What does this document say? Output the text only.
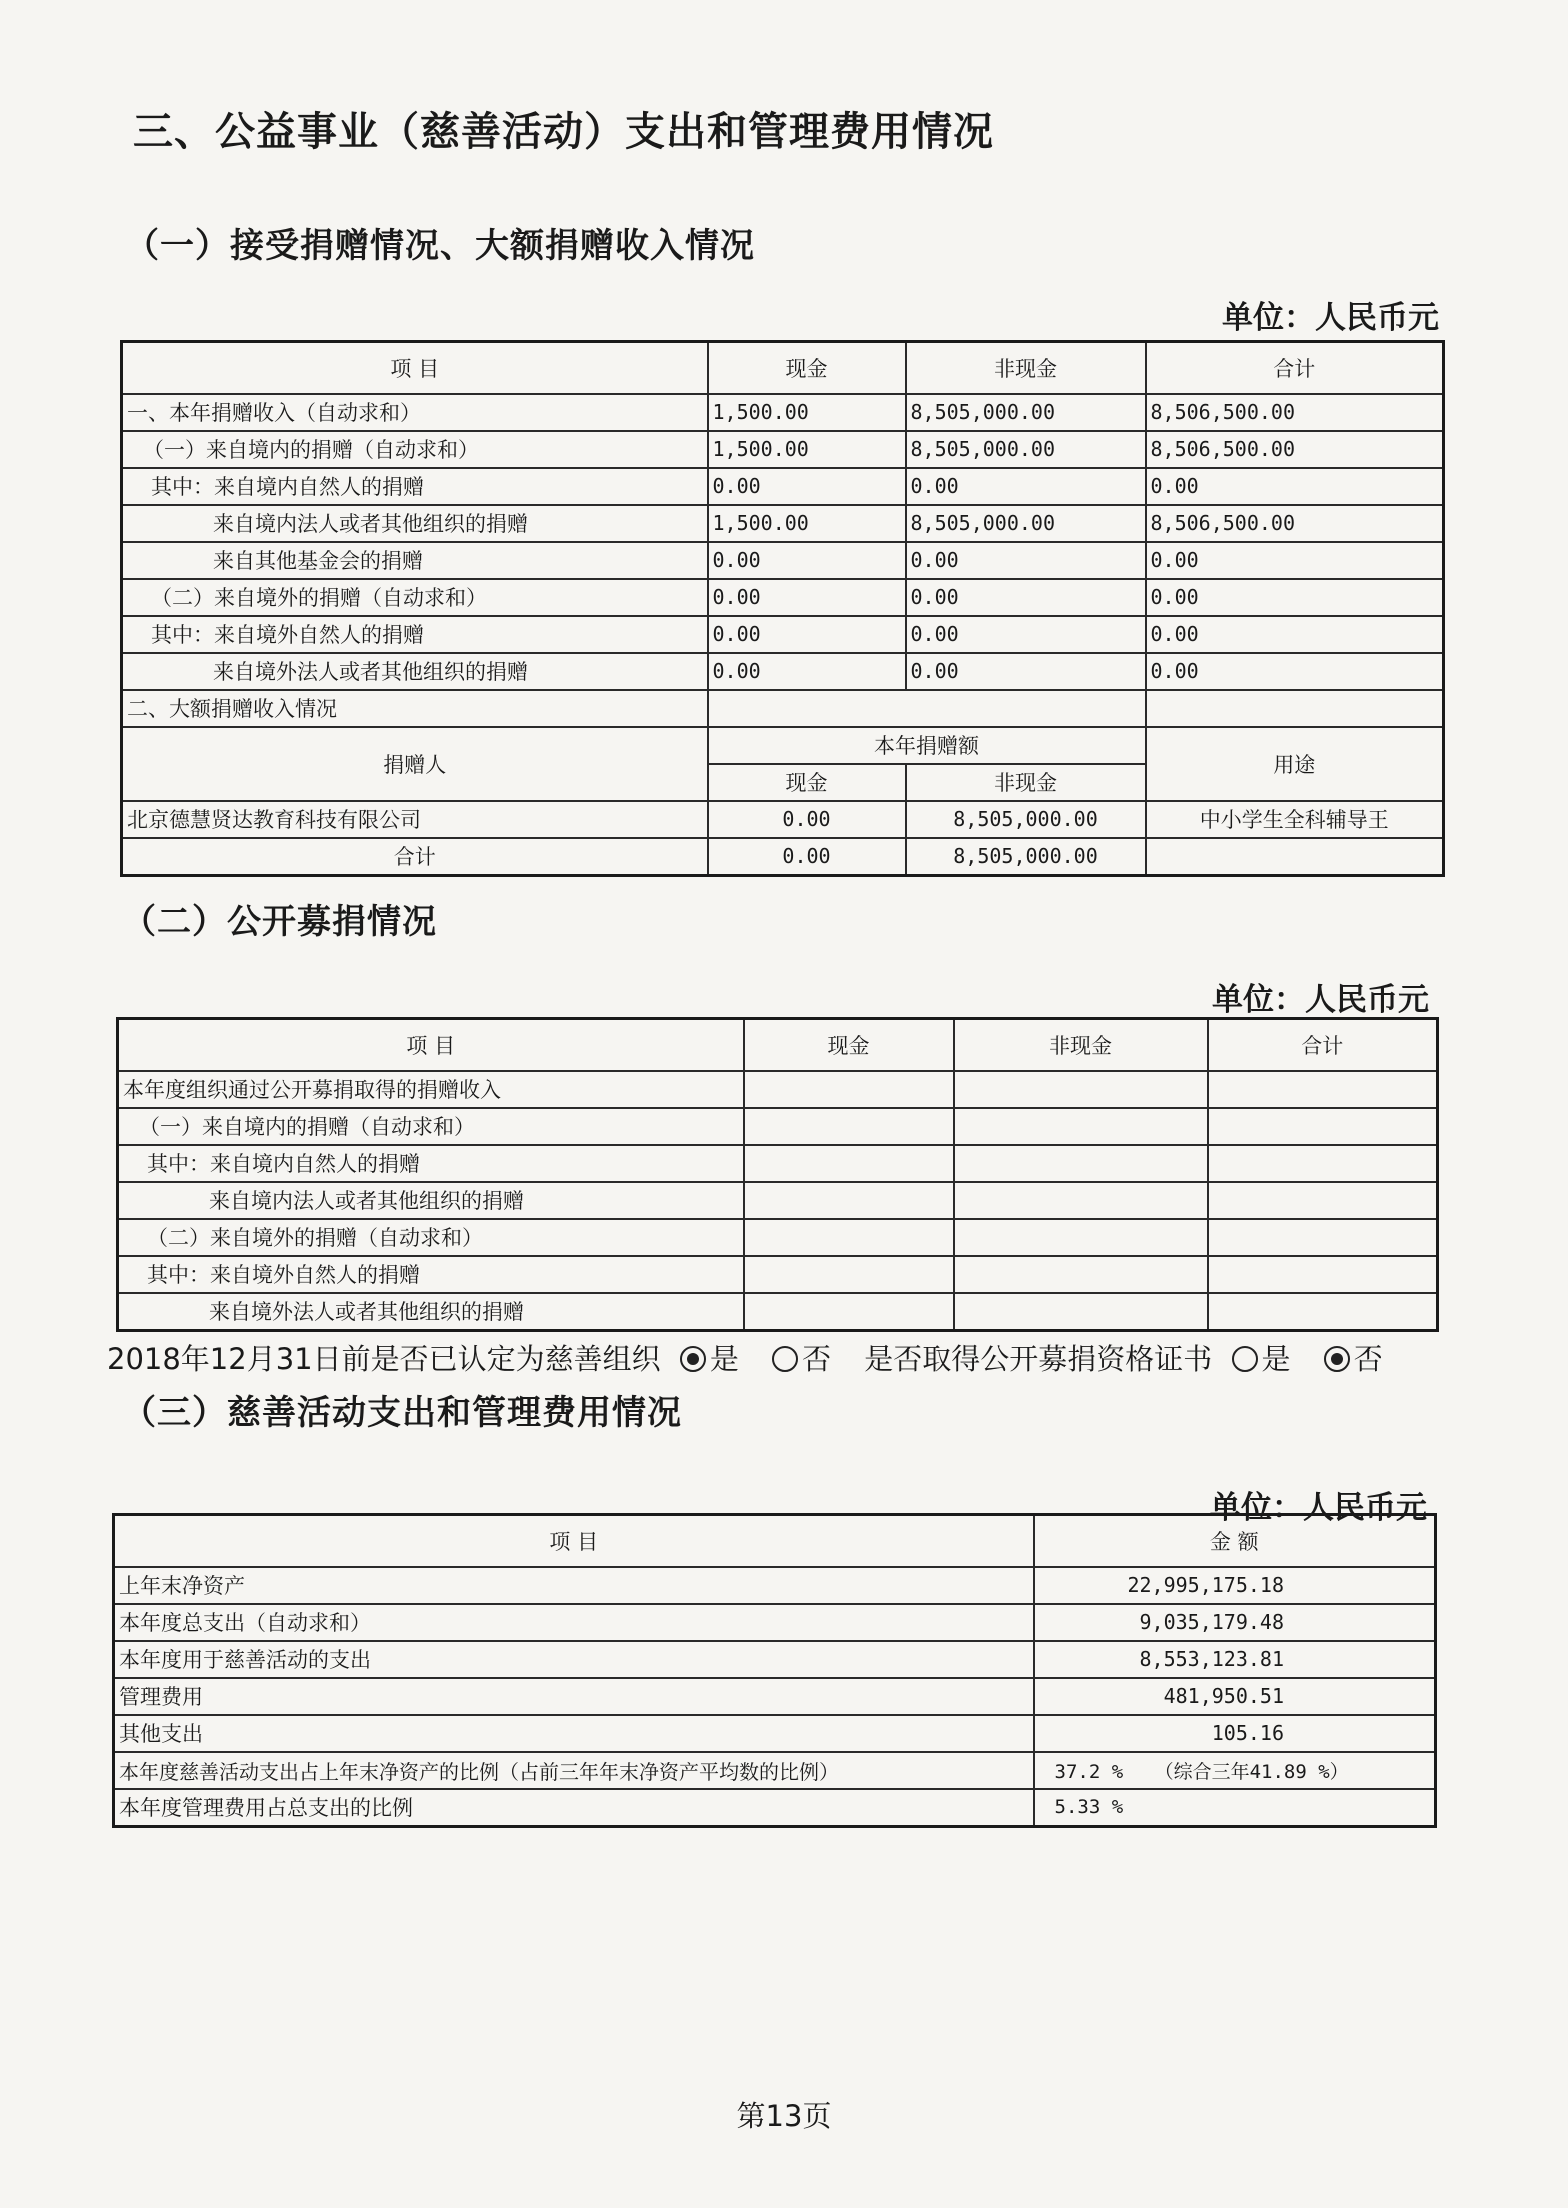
三、公益事业（慈善活动）支出和管理费用情况
（一）接受捐赠情况、大额捐赠收入情况
单位：人民币元
项 目	现金	非现金	合计
一、本年捐赠收入（自动求和）	1,500.00	8,505,000.00	8,506,500.00
（一）来自境内的捐赠（自动求和）	1,500.00	8,505,000.00	8,506,500.00
其中：来自境内自然人的捐赠	0.00	0.00	0.00
来自境内法人或者其他组织的捐赠	1,500.00	8,505,000.00	8,506,500.00
来自其他基金会的捐赠	0.00	0.00	0.00
（二）来自境外的捐赠（自动求和）	0.00	0.00	0.00
其中：来自境外自然人的捐赠	0.00	0.00	0.00
来自境外法人或者其他组织的捐赠	0.00	0.00	0.00
二、大额捐赠收入情况			
捐赠人	本年捐赠额		用途
	现金	非现金	
北京德慧贤达教育科技有限公司	0.00	8,505,000.00	中小学生全科辅导王
合计	0.00	8,505,000.00	
（二）公开募捐情况
单位：人民币元
项 目	现金	非现金	合计
本年度组织通过公开募捐取得的捐赠收入			
（一）来自境内的捐赠（自动求和）			
其中：来自境内自然人的捐赠			
来自境内法人或者其他组织的捐赠			
（二）来自境外的捐赠（自动求和）			
其中：来自境外自然人的捐赠			
来自境外法人或者其他组织的捐赠			
2018年12月31日前是否已认定为慈善组织 是 否 是否取得公开募捐资格证书 是 否
（三）慈善活动支出和管理费用情况
单位：人民币元
项 目	金 额
上年末净资产	22,995,175.18
本年度总支出（自动求和）	9,035,179.48
本年度用于慈善活动的支出	8,553,123.81
管理费用	481,950.51
其他支出	105.16
本年度慈善活动支出占上年末净资产的比例（占前三年年末净资产平均数的比例）	37.2 % （综合三年41.89 %）
本年度管理费用占总支出的比例	5.33 %
第13页
